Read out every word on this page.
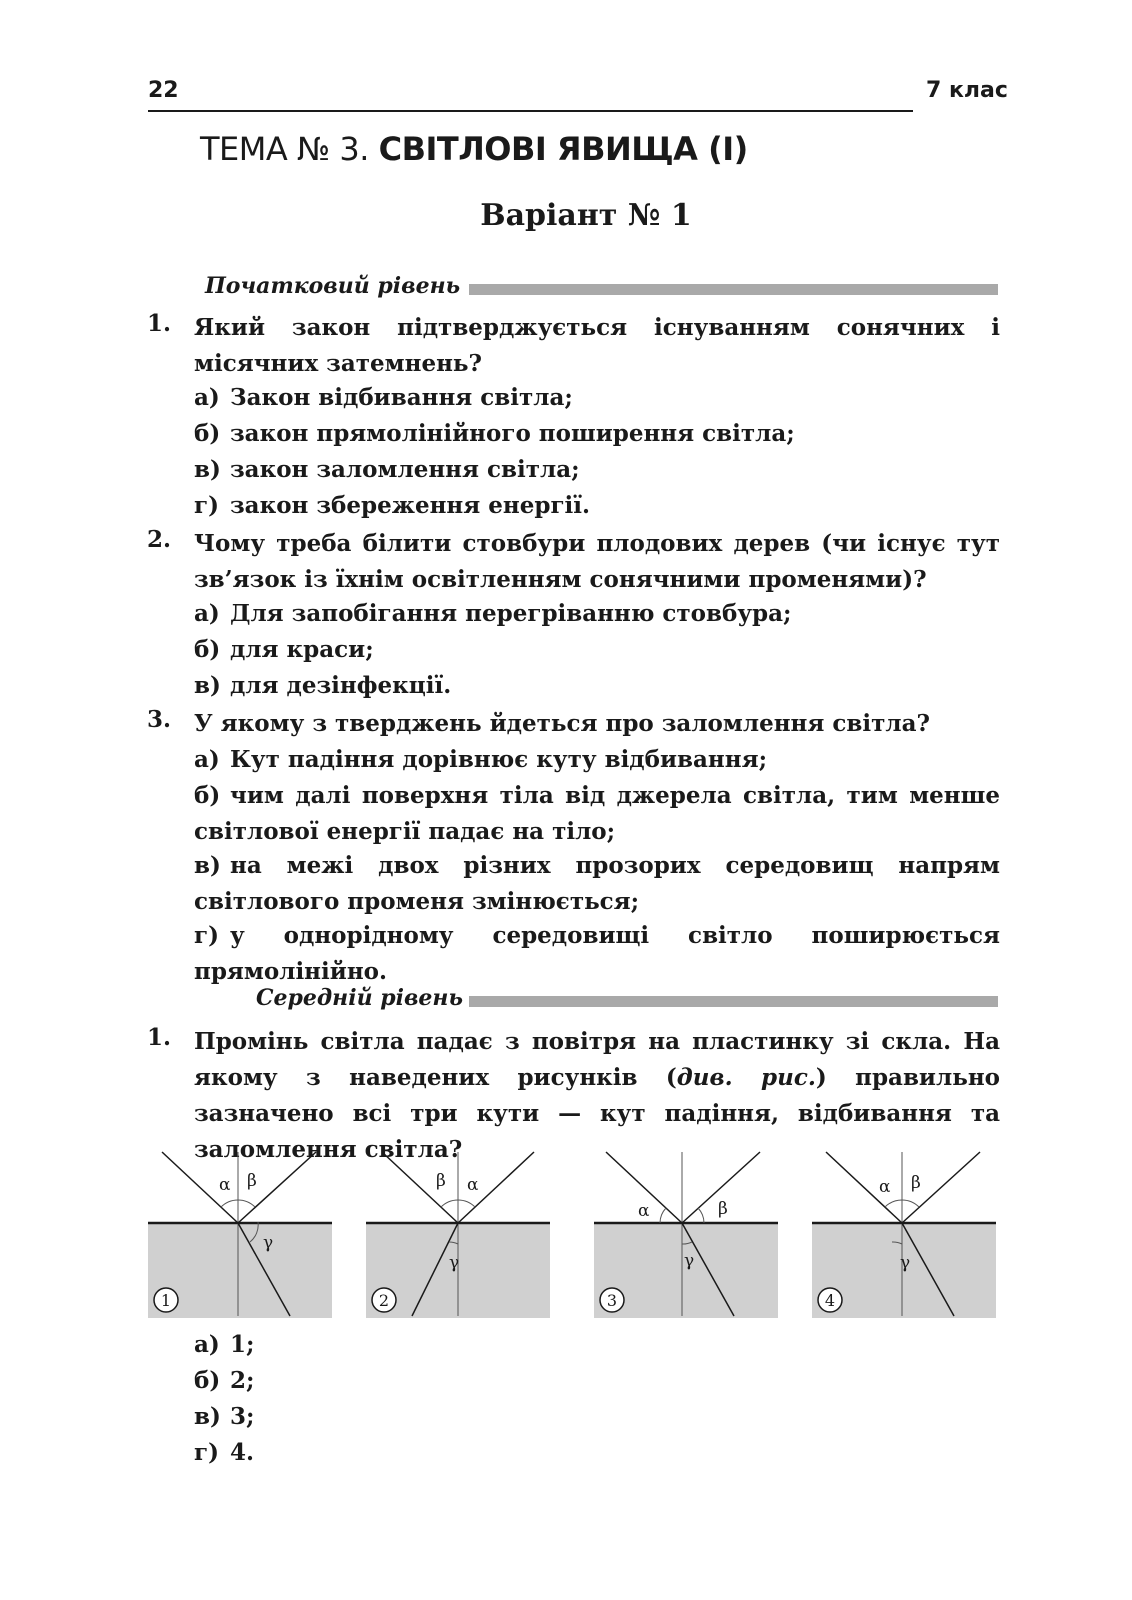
22	7 клас
ТЕМА № 3. СВІТЛОВІ ЯВИЩА (I)
Варіант № 1
Початковий рівень
1. Який закон підтверджується існуванням сонячних і місячних затемнень?
а) Закон відбивання світла;
б) закон прямолінійного поширення світла;
в) закон заломлення світла;
г) закон збереження енергії.
2. Чому треба білити стовбури плодових дерев (чи існує тут зв’язок із їхнім освітленням сонячними променями)?
а) Для запобігання перегріванню стовбура;
б) для краси;
в) для дезінфекції.
3. У якому з тверджень йдеться про заломлення світла?
а) Кут падіння дорівнює куту відбивання;
б) чим далі поверхня тіла від джерела світла, тим менше світлової енергії падає на тіло;
в) на межі двох різних прозорих середовищ напрям світлового променя змінюється;
г) у однорідному середовищі світло поширюється прямолінійно.
Середній рівень
1. Промінь світла падає з повітря на пластинку зі скла. На якому з наведених рисунків (див. рис.) правильно зазначено всі три кути — кут падіння, відбивання та заломлення світла?
α β
γ
1
β α
γ
2
α	β
γ
3
α β
γ
4
а) 1;
б) 2;
в) 3;
г) 4.
